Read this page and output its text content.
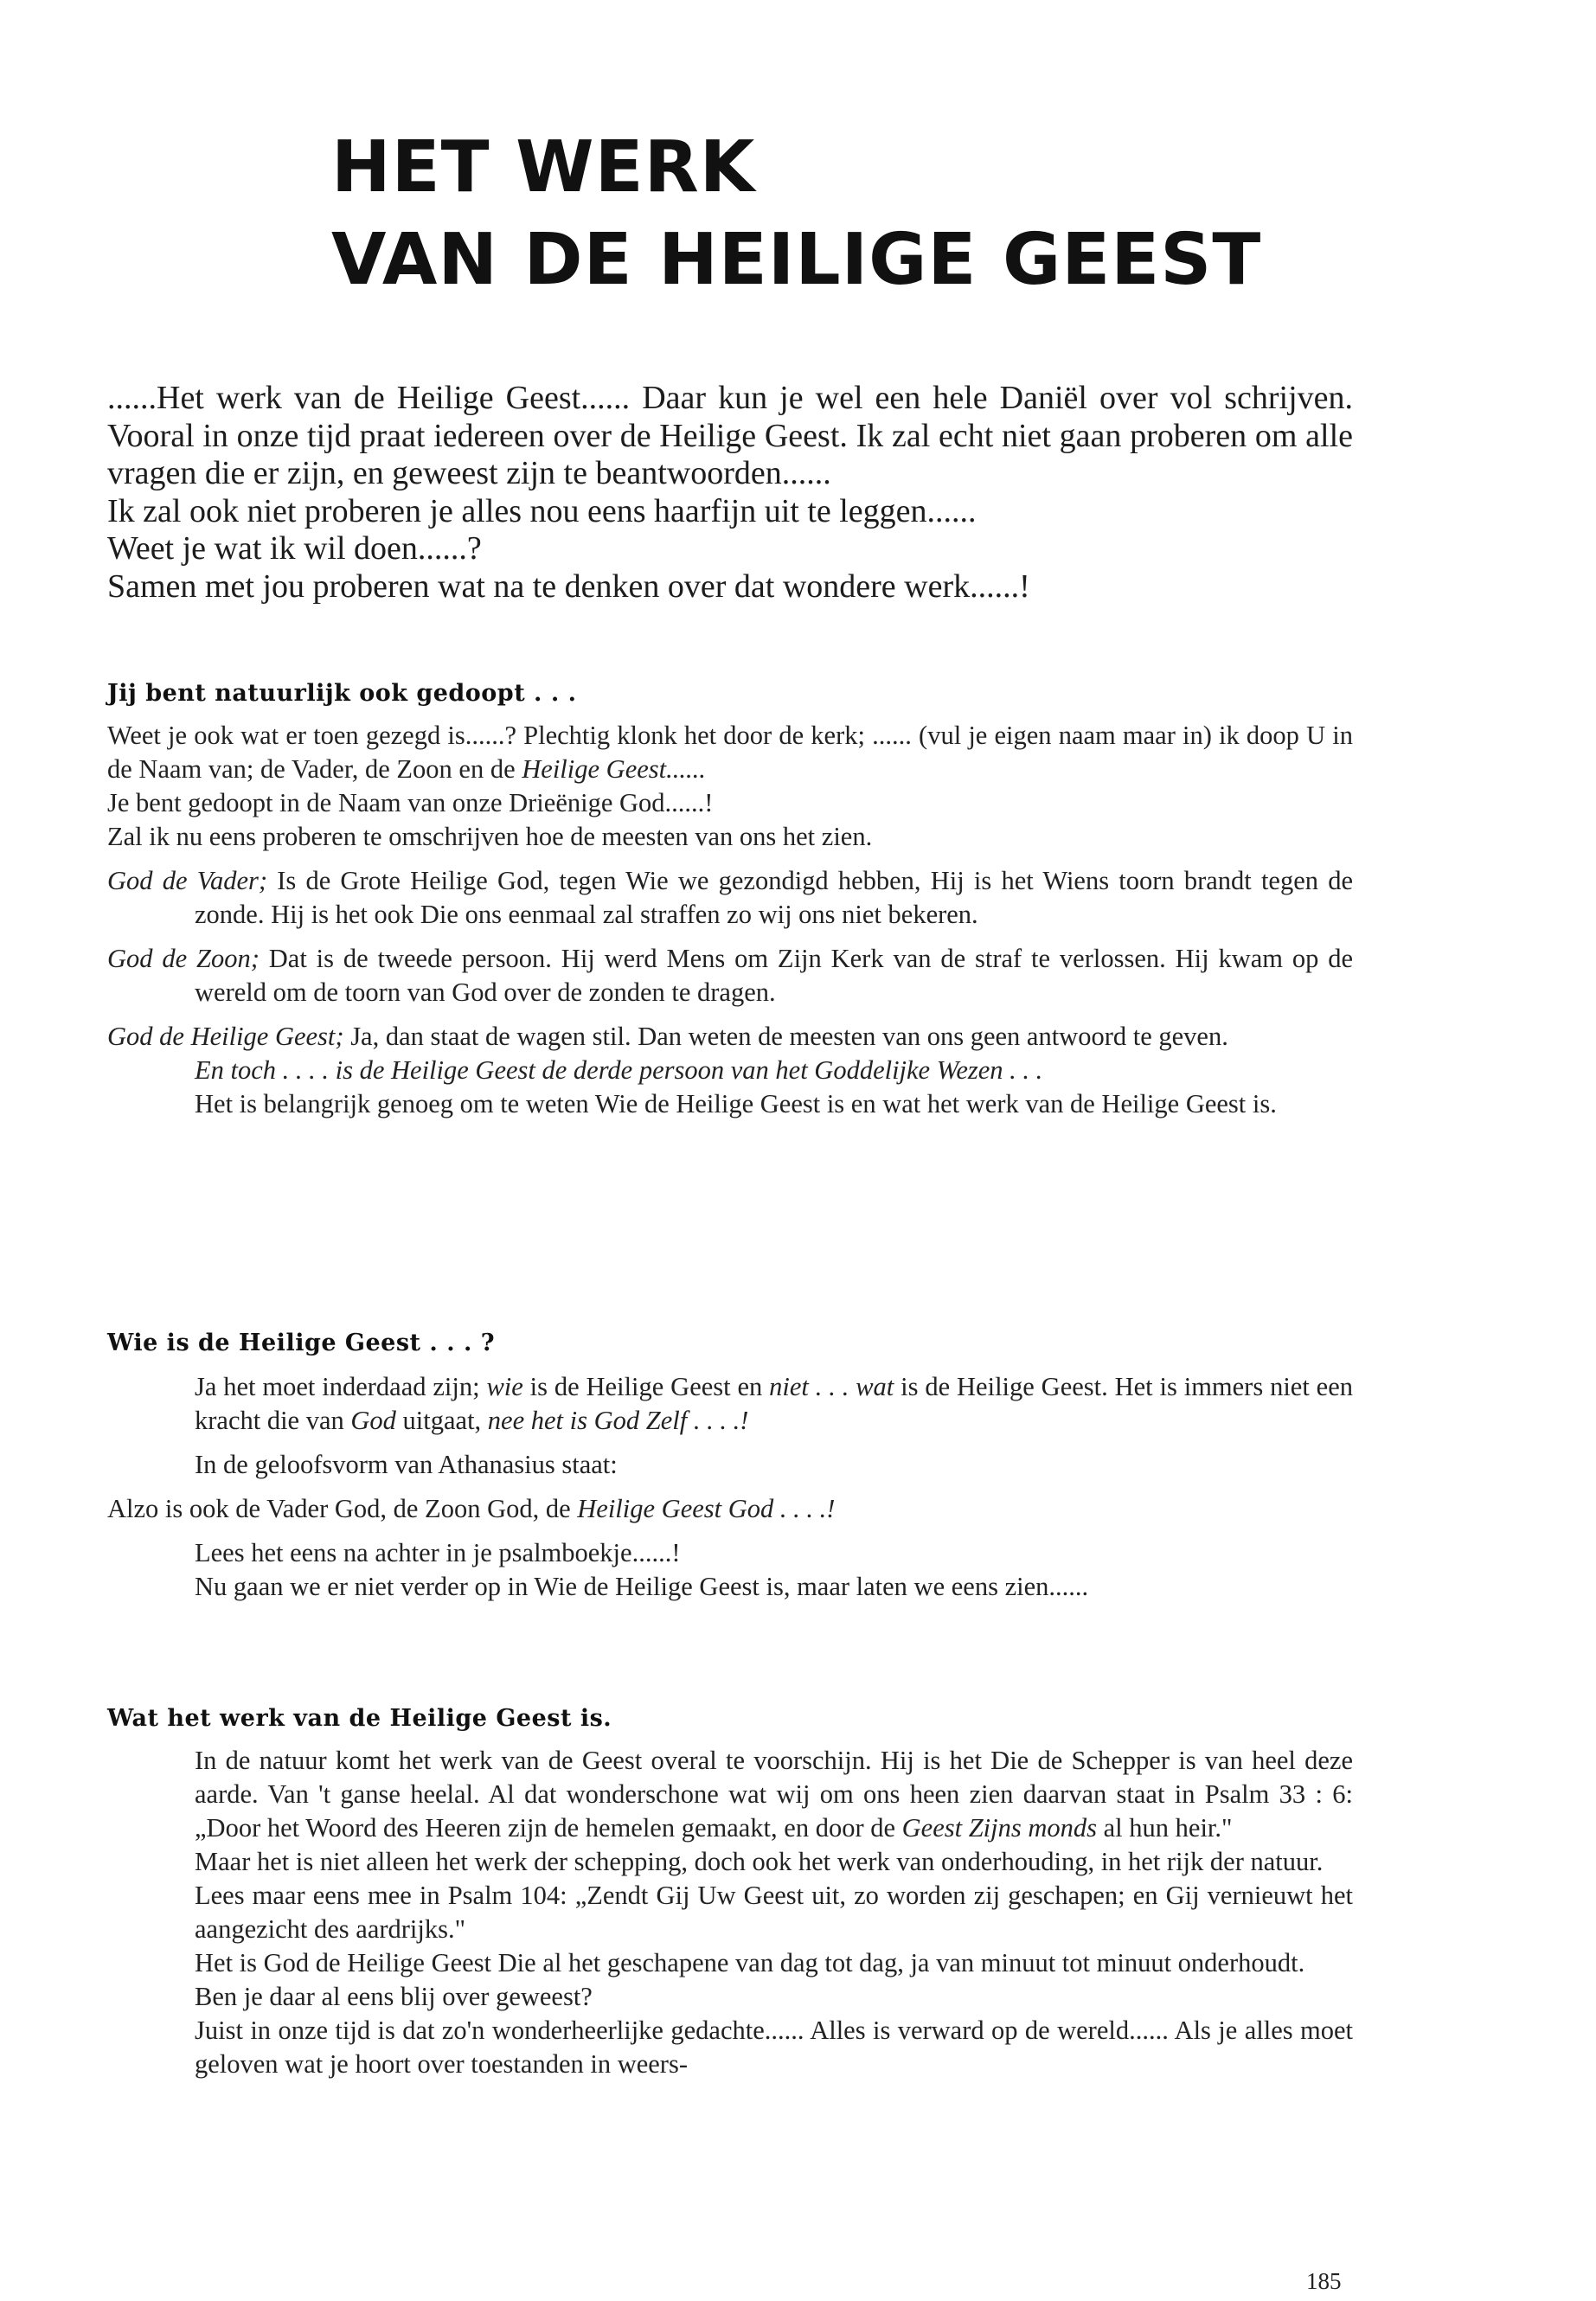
HET WERK
VAN DE HEILIGE GEEST

......Het werk van de Heilige Geest...... Daar kun je wel een hele Daniël over vol schrijven. Vooral in onze tijd praat iedereen over de Heilige Geest. Ik zal echt niet gaan proberen om alle vragen die er zijn, en geweest zijn te beantwoorden......

Ik zal ook niet proberen je alles nou eens haarfijn uit te leggen......

Weet je wat ik wil doen......?

Samen met jou proberen wat na te denken over dat wondere werk......!

Jij bent natuurlijk ook gedoopt . . .

Weet je ook wat er toen gezegd is......? Plechtig klonk het door de kerk; ...... (vul je eigen naam maar in) ik doop U in de Naam van; de Vader, de Zoon en de Heilige Geest......

Je bent gedoopt in de Naam van onze Drieënige God......!

Zal ik nu eens proberen te omschrijven hoe de meesten van ons het zien.

God de Vader; Is de Grote Heilige God, tegen Wie we gezondigd hebben, Hij is het Wiens toorn brandt tegen de zonde. Hij is het ook Die ons eenmaal zal straffen zo wij ons niet bekeren.

God de Zoon; Dat is de tweede persoon. Hij werd Mens om Zijn Kerk van de straf te verlossen. Hij kwam op de wereld om de toorn van God over de zonden te dragen.

God de Heilige Geest; Ja, dan staat de wagen stil. Dan weten de meesten van ons geen antwoord te geven.

En toch . . . . is de Heilige Geest de derde persoon van het Goddelijke Wezen . . .

Het is belangrijk genoeg om te weten Wie de Heilige Geest is en wat het werk van de Heilige Geest is.

Wie is de Heilige Geest . . . ?

Ja het moet inderdaad zijn; wie is de Heilige Geest en niet . . . wat is de Heilige Geest. Het is immers niet een kracht die van God uitgaat, nee het is God Zelf . . . .!

In de geloofsvorm van Athanasius staat:

Alzo is ook de Vader God, de Zoon God, de Heilige Geest God . . . .!

Lees het eens na achter in je psalmboekje......!

Nu gaan we er niet verder op in Wie de Heilige Geest is, maar laten we eens zien......

Wat het werk van de Heilige Geest is.

In de natuur komt het werk van de Geest overal te voorschijn. Hij is het Die de Schepper is van heel deze aarde. Van 't ganse heelal. Al dat wonderschone wat wij om ons heen zien daarvan staat in Psalm 33 : 6: „Door het Woord des Heeren zijn de hemelen gemaakt, en door de Geest Zijns monds al hun heir."

Maar het is niet alleen het werk der schepping, doch ook het werk van onderhouding, in het rijk der natuur.

Lees maar eens mee in Psalm 104: „Zendt Gij Uw Geest uit, zo worden zij geschapen; en Gij vernieuwt het aangezicht des aardrijks."

Het is God de Heilige Geest Die al het geschapene van dag tot dag, ja van minuut tot minuut onderhoudt.

Ben je daar al eens blij over geweest?

Juist in onze tijd is dat zo'n wonderheerlijke gedachte...... Alles is verward op de wereld...... Als je alles moet geloven wat je hoort over toestanden in weers-

185
